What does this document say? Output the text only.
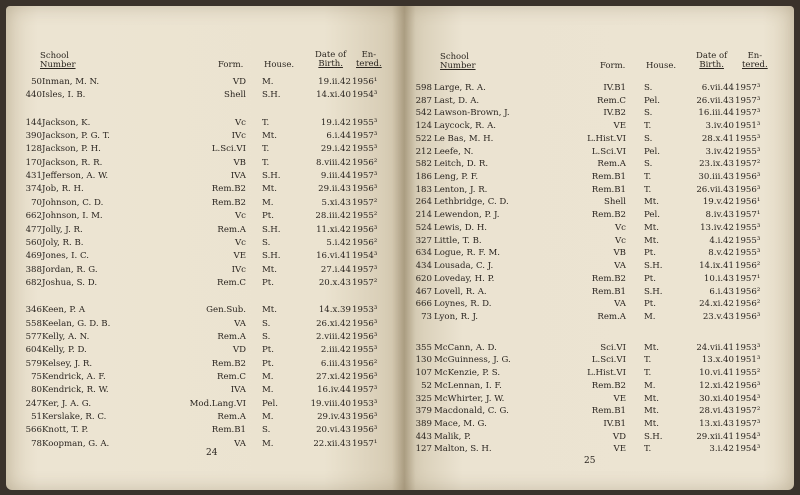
School
Number	Form. House.
Date of
Birth.
En-
tered.
50 Inman, M. N.	VD M.	19.ii.42 1956¹
440 Isles, I. B.	Shell S.H.	14.xi.40 1954³
144 Jackson, K.	Vc T.	19.i.42 1955³
390 Jackson, P. G. T.	IVc Mt.	6.i.44 1957³
128 Jackson, P. H.	L.Sci.VI T.	29.i.42 1955³
170 Jackson, R. R.	VB T.	8.viii.42 1956²
431 Jefferson, A. W.	IVA S.H.	9.iii.44 1957³
374 Job, R. H.	Rem.B2 Mt.	29.ii.43 1956³
70 Johnson, C. D.	Rem.B2 M.	5.xi.43 1957²
662 Johnson, I. M.	Vc Pt.	28.iii.42 1955²
477 Jolly, J. R.	Rem.A S.H.	11.xi.42 1956³
560 Joly, R. B.	Vc S.	5.i.42 1956²
469 Jones, I. C.	VE S.H.	16.vi.41 1954³
388 Jordan, R. G.	IVc Mt.	27.i.44 1957³
682 Joshua, S. D.	Rem.C Pt.	20.x.43 1957²
346 Keen, P. A	Gen.Sub. Mt.	14.x.39 1953³
558 Keelan, G. D. B.	VA S.	26.xi.42 1956³
577 Kelly, A. N.	Rem.A S.	2.viii.42 1956³
604 Kelly, P. D.	VD Pt.	2.iii.42 1955³
579 Kelsey, J. R.	Rem.B2 Pt.	6.iii.43 1956²
75 Kendrick, A. F.	Rem.C M.	27.xi.42 1956³
80 Kendrick, R. W.	IVA M.	16.iv.44 1957³
247 Ker, J. A. G.	Mod.Lang.VI Pel.	19.viii.40 1953³
51 Kerslake, R. C.	Rem.A M.	29.iv.43 1956³
566 Knott, T. P.	Rem.B1 S.	20.vi.43 1956³
78 Koopman, G. A.	VA M.	22.xii.43 1957¹
24
School
Number	Form. House.
Date of
Birth.
En-
tered.
598 Large, R. A.	IV.B1 S.	6.vii.44 1957³
287 Last, D. A.	Rem.C Pel.	26.vii.43 1957³
542 Lawson-Brown, J.	IV.B2 S.	16.iii.44 1957³
124 Laycock, R. A.	VE T.	3.iv.40 1951³
522 Le Bas, M. H.	L.Hist.VI S.	28.x.41 1955³
212 Leefe, N.	L.Sci.VI Pel.	3.iv.42 1955³
582 Leitch, D. R.	Rem.A S.	23.ix.43 1957²
186 Leng, P. F.	Rem.B1 T.	30.iii.43 1956³
183 Lenton, J. R.	Rem.B1 T.	26.vii.43 1956³
264 Lethbridge, C. D.	Shell Mt.	19.v.42 1956¹
214 Lewendon, P. J.	Rem.B2 Pel.	8.iv.43 1957¹
524 Lewis, D. H.	Vc Mt.	13.iv.42 1955³
327 Little, T. B.	Vc Mt.	4.i.42 1955³
634 Logue, R. F. M.	VB Pt.	8.v.42 1955³
434 Lousada, C. J.	VA S.H.	14.ix.41 1956²
620 Loveday, H. P.	Rem.B2 Pt.	10.i.43 1957¹
467 Lovell, R. A.	Rem.B1 S.H.	6.i.43 1956²
666 Loynes, R. D.	VA Pt.	24.xi.42 1956²
73 Lyon, R. J.	Rem.A M.	23.v.43 1956³
355 McCann, A. D.	Sci.VI Mt.	24.vii.41 1953³
130 McGuinness, J. G.	L.Sci.VI T.	13.x.40 1951³
107 McKenzie, P. S.	L.Hist.VI T.	10.vi.41 1955²
52 McLennan, I. F.	Rem.B2 M.	12.xi.42 1956³
325 McWhirter, J. W.	VE Mt.	30.xi.40 1954³
379 Macdonald, C. G.	Rem.B1 Mt.	28.vi.43 1957²
389 Mace, M. G.	IV.B1 Mt.	13.xi.43 1957³
443 Malik, P.	VD S.H.	29.xii.41 1954³
127 Malton, S. H.	VE T.	3.i.42 1954³
25
